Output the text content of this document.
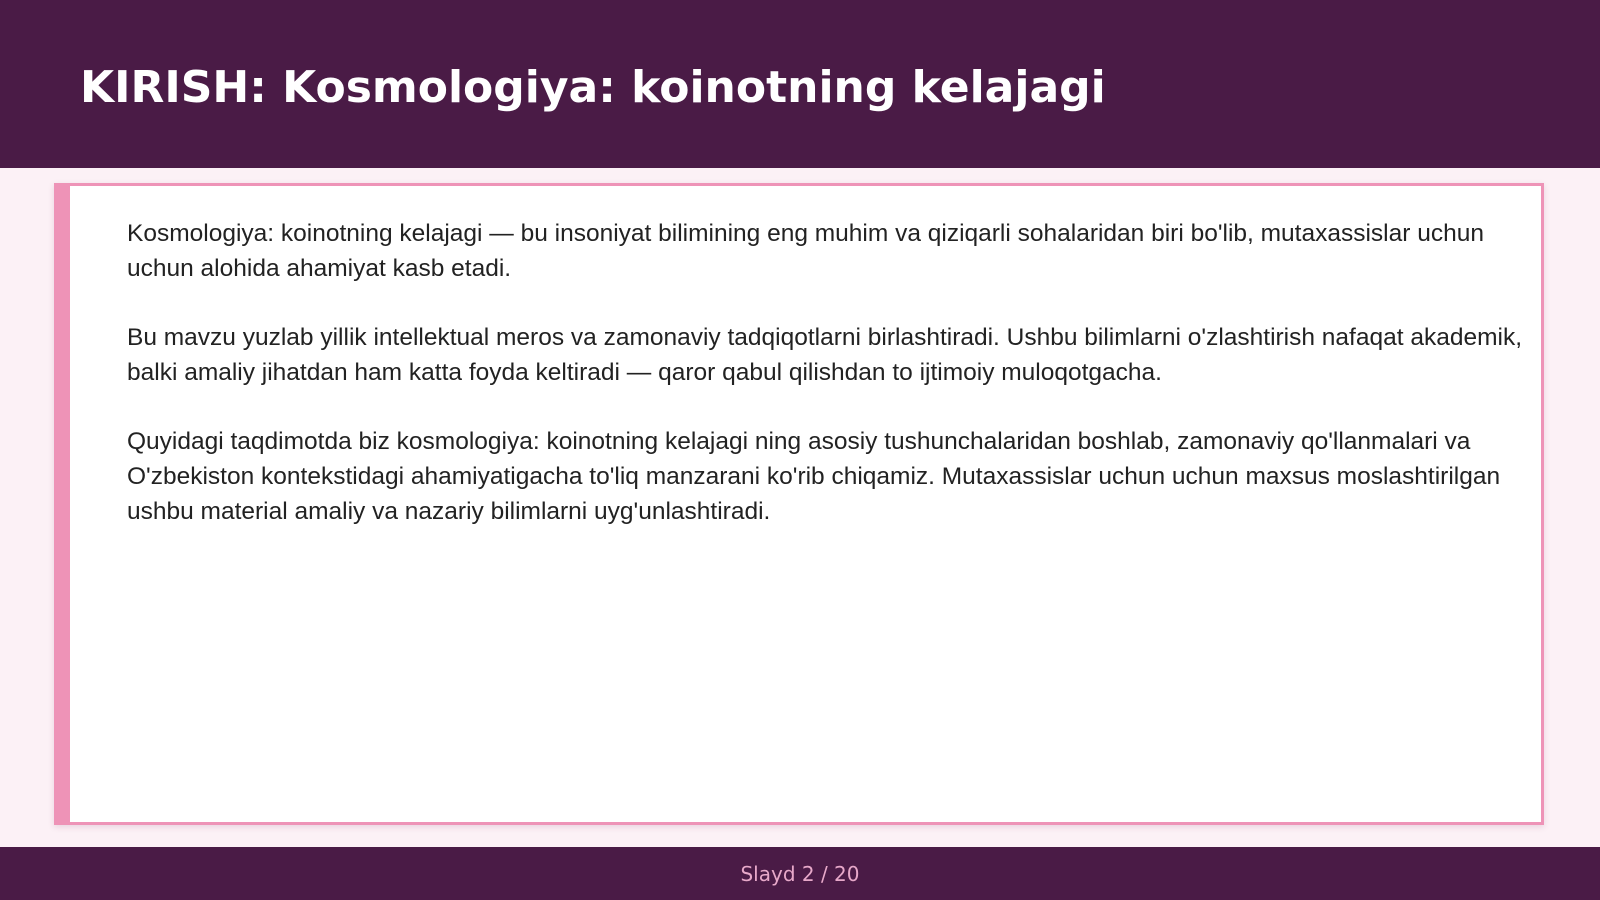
KIRISH: Kosmologiya: koinotning kelajagi

Kosmologiya: koinotning kelajagi — bu insoniyat bilimining eng muhim va qiziqarli sohalaridan biri bo'lib, mutaxassislar uchun uchun alohida ahamiyat kasb etadi.

Bu mavzu yuzlab yillik intellektual meros va zamonaviy tadqiqotlarni birlashtiradi. Ushbu bilimlarni o'zlashtirish nafaqat akademik, balki amaliy jihatdan ham katta foyda keltiradi — qaror qabul qilishdan to ijtimoiy muloqotgacha.

Quyidagi taqdimotda biz kosmologiya: koinotning kelajagi ning asosiy tushunchalaridan boshlab, zamonaviy qo'llanmalari va O'zbekiston kontekstidagi ahamiyatigacha to'liq manzarani ko'rib chiqamiz. Mutaxassislar uchun uchun maxsus moslashtirilgan ushbu material amaliy va nazariy bilimlarni uyg'unlashtiradi.

Slayd 2 / 20
